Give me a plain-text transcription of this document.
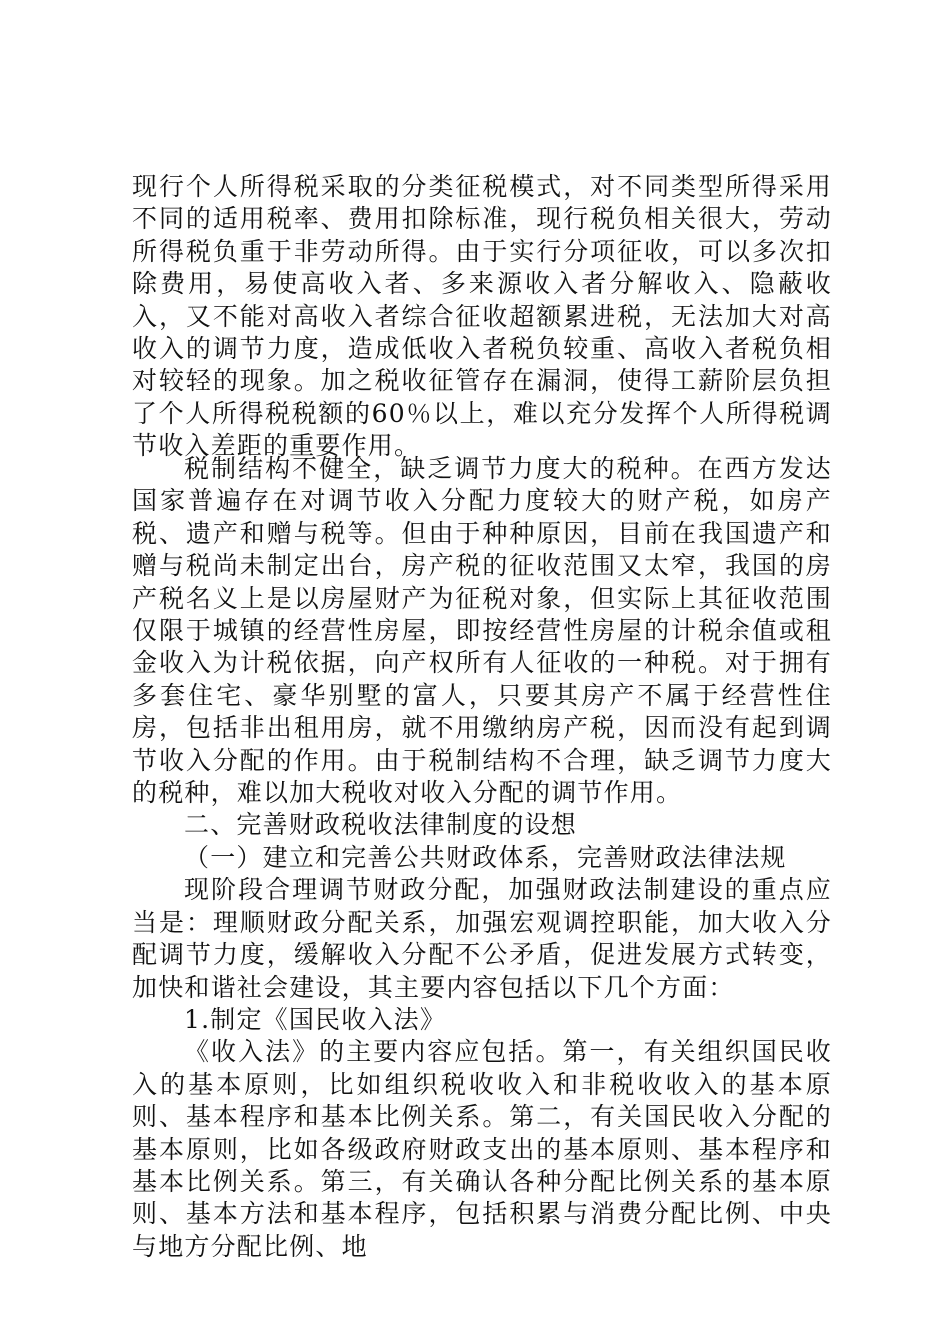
现行个人所得税采取的分类征税模式，对不同类型所得采用不同的适用税率、费用扣除标准，现行税负相关很大，劳动所得税负重于非劳动所得。由于实行分项征收，可以多次扣除费用，易使高收入者、多来源收入者分解收入、隐蔽收入，又不能对高收入者综合征收超额累进税，无法加大对高收入的调节力度，造成低收入者税负较重、高收入者税负相对较轻的现象。加之税收征管存在漏洞，使得工薪阶层负担了个人所得税税额的60％以上，难以充分发挥个人所得税调节收入差距的重要作用。

税制结构不健全，缺乏调节力度大的税种。在西方发达国家普遍存在对调节收入分配力度较大的财产税，如房产税、遗产和赠与税等。但由于种种原因，目前在我国遗产和赠与税尚未制定出台，房产税的征收范围又太窄，我国的房产税名义上是以房屋财产为征税对象，但实际上其征收范围仅限于城镇的经营性房屋，即按经营性房屋的计税余值或租金收入为计税依据，向产权所有人征收的一种税。对于拥有多套住宅、豪华别墅的富人，只要其房产不属于经营性住房，包括非出租用房，就不用缴纳房产税，因而没有起到调节收入分配的作用。由于税制结构不合理，缺乏调节力度大的税种，难以加大税收对收入分配的调节作用。

二、完善财政税收法律制度的设想

（一）建立和完善公共财政体系，完善财政法律法规

现阶段合理调节财政分配，加强财政法制建设的重点应当是：理顺财政分配关系，加强宏观调控职能，加大收入分配调节力度，缓解收入分配不公矛盾，促进发展方式转变，加快和谐社会建设，其主要内容包括以下几个方面：

1.制定《国民收入法》

《收入法》的主要内容应包括。第一，有关组织国民收入的基本原则，比如组织税收收入和非税收收入的基本原则、基本程序和基本比例关系。第二，有关国民收入分配的基本原则，比如各级政府财政支出的基本原则、基本程序和基本比例关系。第三，有关确认各种分配比例关系的基本原则、基本方法和基本程序，包括积累与消费分配比例、中央与地方分配比例、地
